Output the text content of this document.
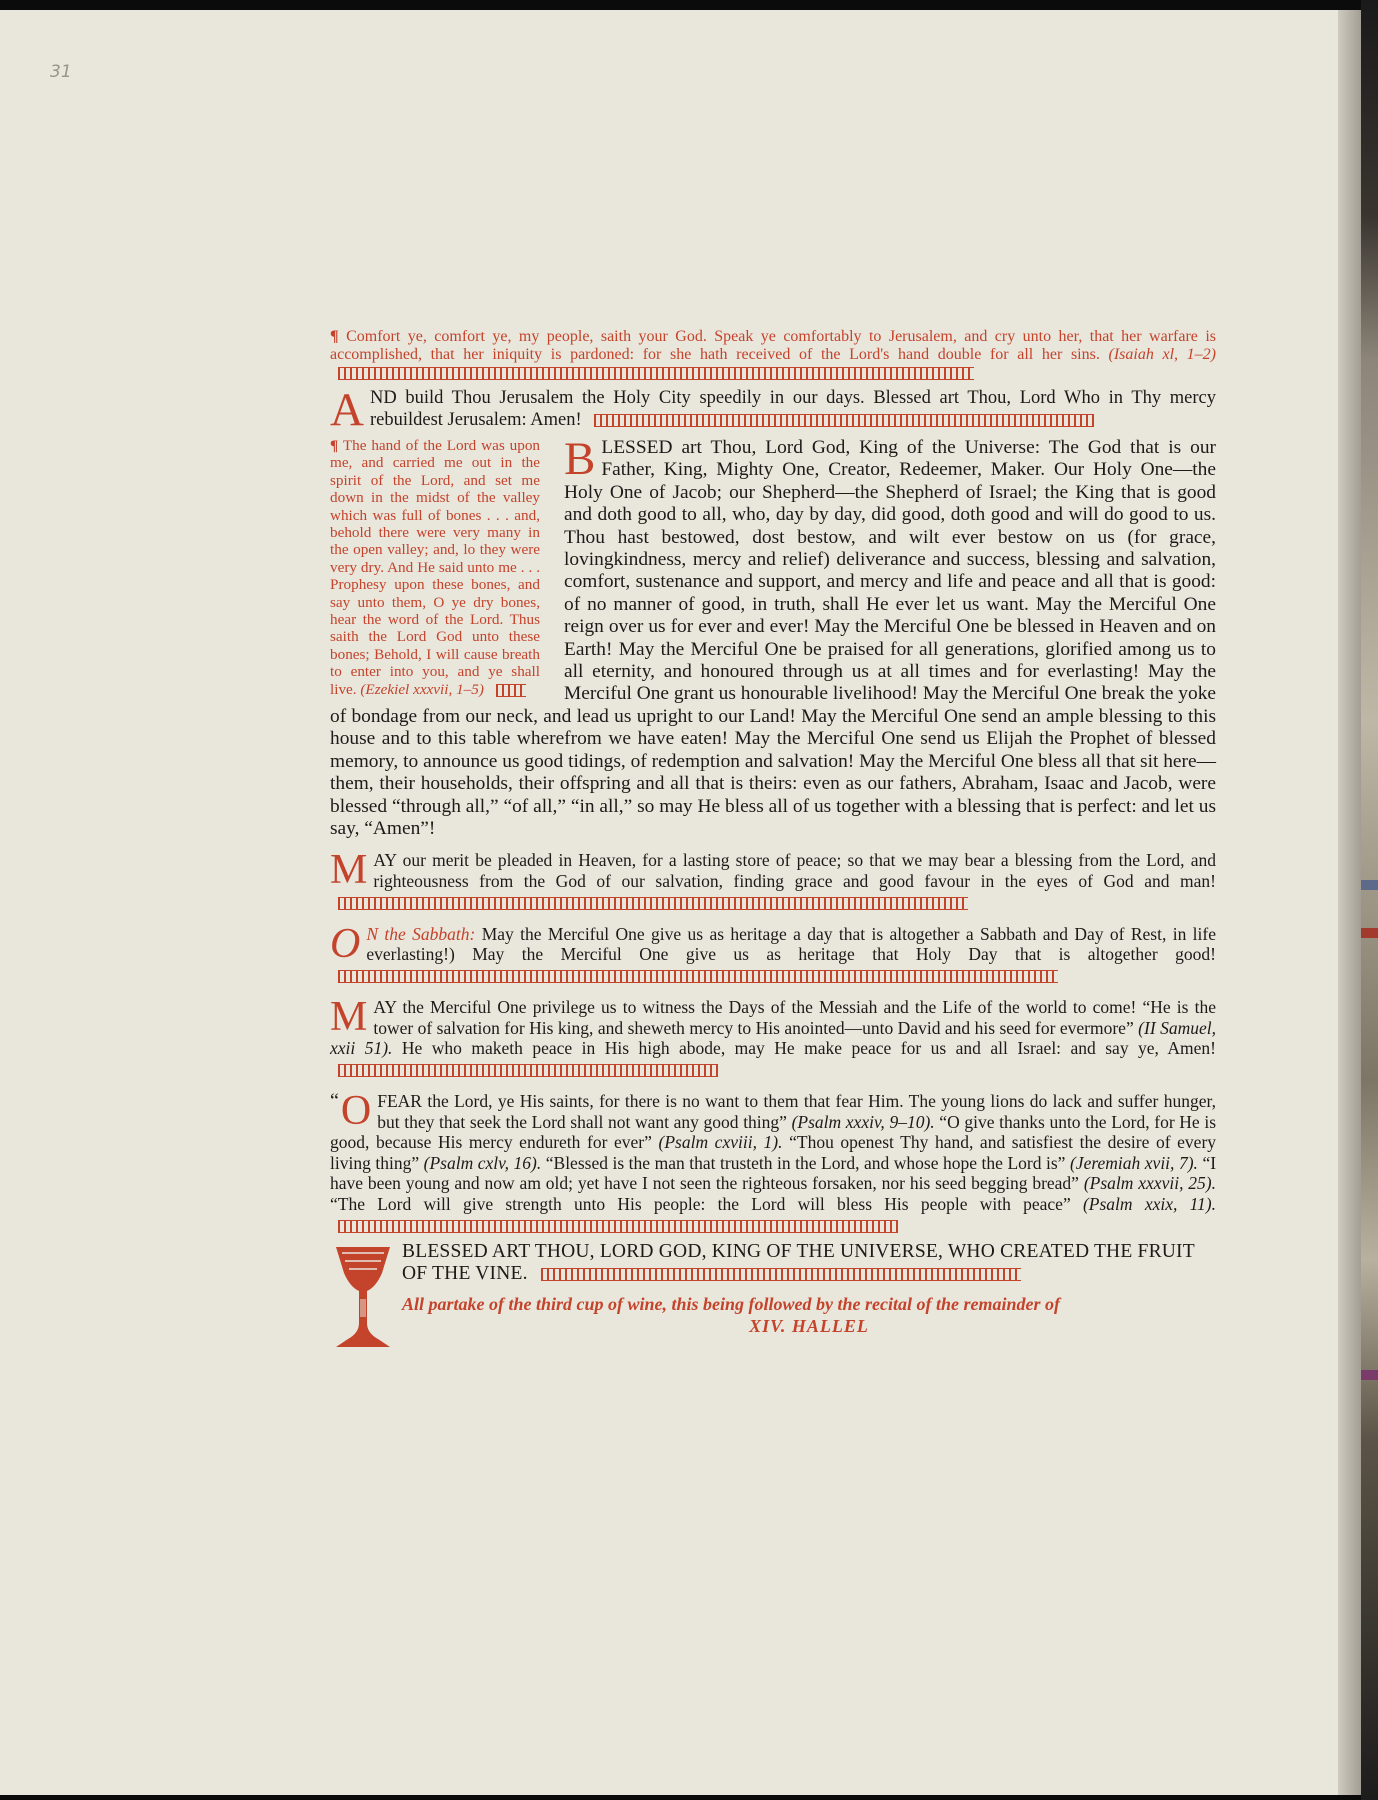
31

¶ Comfort ye, comfort ye, my people, saith your God. Speak ye comfortably to Jerusalem, and cry unto her, that her warfare is accomplished, that her iniquity is pardoned: for she hath received of the Lord's hand double for all her sins. (Isaiah xl, 1–2)

A ND build Thou Jerusalem the Holy City speedily in our days. Blessed art Thou, Lord Who in Thy mercy rebuildest Jerusalem: Amen!

¶ The hand of the Lord was upon me, and carried me out in the spirit of the Lord, and set me down in the midst of the valley which was full of bones . . . and, behold there were very many in the open valley; and, lo they were very dry. And He said unto me . . . Prophesy upon these bones, and say unto them, O ye dry bones, hear the word of the Lord. Thus saith the Lord God unto these bones; Behold, I will cause breath to enter into you, and ye shall live. (Ezekiel xxxvii, 1–5)

B LESSED art Thou, Lord God, King of the Universe: The God that is our Father, King, Mighty One, Creator, Redeemer, Maker. Our Holy One—the Holy One of Jacob; our Shepherd—the Shepherd of Israel; the King that is good and doth good to all, who, day by day, did good, doth good and will do good to us. Thou hast bestowed, dost bestow, and wilt ever bestow on us (for grace, lovingkindness, mercy and relief) deliverance and success, blessing and salvation, comfort, sustenance and support, and mercy and life and peace and all that is good: of no manner of good, in truth, shall He ever let us want. May the Merciful One reign over us for ever and ever! May the Merciful One be blessed in Heaven and on Earth! May the Merciful One be praised for all generations, glorified among us to all eternity, and honoured through us at all times and for everlasting! May the Merciful One grant us honourable livelihood! May the Merciful One break the yoke of bondage from our neck, and lead us upright to our Land! May the Merciful One send an ample blessing to this house and to this table wherefrom we have eaten! May the Merciful One send us Elijah the Prophet of blessed memory, to announce us good tidings, of redemption and salvation! May the Merciful One bless all that sit here—them, their households, their offspring and all that is theirs: even as our fathers, Abraham, Isaac and Jacob, were blessed “through all,” “of all,” “in all,” so may He bless all of us together with a blessing that is perfect: and let us say, “Amen”!

M AY our merit be pleaded in Heaven, for a lasting store of peace; so that we may bear a blessing from the Lord, and righteousness from the God of our salvation, finding grace and good favour in the eyes of God and man!

O N the Sabbath: May the Merciful One give us as heritage a day that is altogether a Sabbath and Day of Rest, in life everlasting!) May the Merciful One give us as heritage that Holy Day that is altogether good!

M AY the Merciful One privilege us to witness the Days of the Messiah and the Life of the world to come! “He is the tower of salvation for His king, and sheweth mercy to His anointed—unto David and his seed for evermore” (II Samuel, xxii 51). He who maketh peace in His high abode, may He make peace for us and all Israel: and say ye, Amen!

“ O FEAR the Lord, ye His saints, for there is no want to them that fear Him. The young lions do lack and suffer hunger, but they that seek the Lord shall not want any good thing” (Psalm xxxiv, 9–10). “O give thanks unto the Lord, for He is good, because His mercy endureth for ever” (Psalm cxviii, 1). “Thou openest Thy hand, and satisfiest the desire of every living thing” (Psalm cxlv, 16). “Blessed is the man that trusteth in the Lord, and whose hope the Lord is” (Jeremiah xvii, 7). “I have been young and now am old; yet have I not seen the righteous forsaken, nor his seed begging bread” (Psalm xxxvii, 25). “The Lord will give strength unto His people: the Lord will bless His people with peace” (Psalm xxix, 11).

BLESSED ART THOU, LORD GOD, KING OF THE UNIVERSE, WHO CREATED THE FRUIT OF THE VINE.

All partake of the third cup of wine, this being followed by the recital of the remainder of

XIV. HALLEL
